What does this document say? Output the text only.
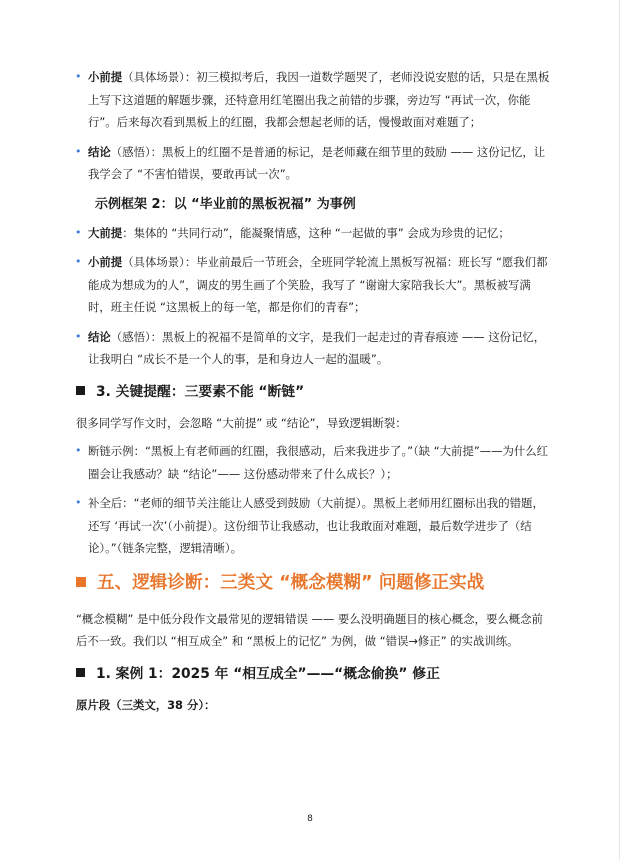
• 小前提（具体场景）：初三模拟考后，我因一道数学题哭了，老师没说安慰的话，只是在黑板上写下这道题的解题步骤，还特意用红笔圈出我之前错的步骤，旁边写 “再试一次，你能行”。后来每次看到黑板上的红圈，我都会想起老师的话，慢慢敢面对难题了；
• 结论（感悟）：黑板上的红圈不是普通的标记，是老师藏在细节里的鼓励 —— 这份记忆，让我学会了 “不害怕错误，要敢再试一次”。
示例框架 2：以 “毕业前的黑板祝福” 为事例
• 大前提：集体的 “共同行动”，能凝聚情感，这种 “一起做的事” 会成为珍贵的记忆；
• 小前提（具体场景）：毕业前最后一节班会，全班同学轮流上黑板写祝福：班长写 “愿我们都能成为想成为的人”，调皮的男生画了个笑脸，我写了 “谢谢大家陪我长大”。黑板被写满时，班主任说 “这黑板上的每一笔，都是你们的青春”；
• 结论（感悟）：黑板上的祝福不是简单的文字，是我们一起走过的青春痕迹 —— 这份记忆，让我明白 “成长不是一个人的事，是和身边人一起的温暖”。
3. 关键提醒：三要素不能 “断链”
很多同学写作文时，会忽略 “大前提” 或 “结论”，导致逻辑断裂：
• 断链示例：“黑板上有老师画的红圈，我很感动，后来我进步了。”（缺 “大前提”——为什么红圈会让我感动？缺 “结论”—— 这份感动带来了什么成长？）；
• 补全后：“老师的细节关注能让人感受到鼓励（大前提）。黑板上老师用红圈标出我的错题，还写 ‘再试一次’（小前提）。这份细节让我感动，也让我敢面对难题，最后数学进步了（结论）。”（链条完整，逻辑清晰）。
五、逻辑诊断：三类文 “概念模糊” 问题修正实战
“概念模糊” 是中低分段作文最常见的逻辑错误 —— 要么没明确题目的核心概念，要么概念前后不一致。我们以 “相互成全” 和 “黑板上的记忆” 为例，做 “错误→修正” 的实战训练。
1. 案例 1：2025 年 “相互成全”——“概念偷换” 修正
原片段（三类文，38 分）：
8
